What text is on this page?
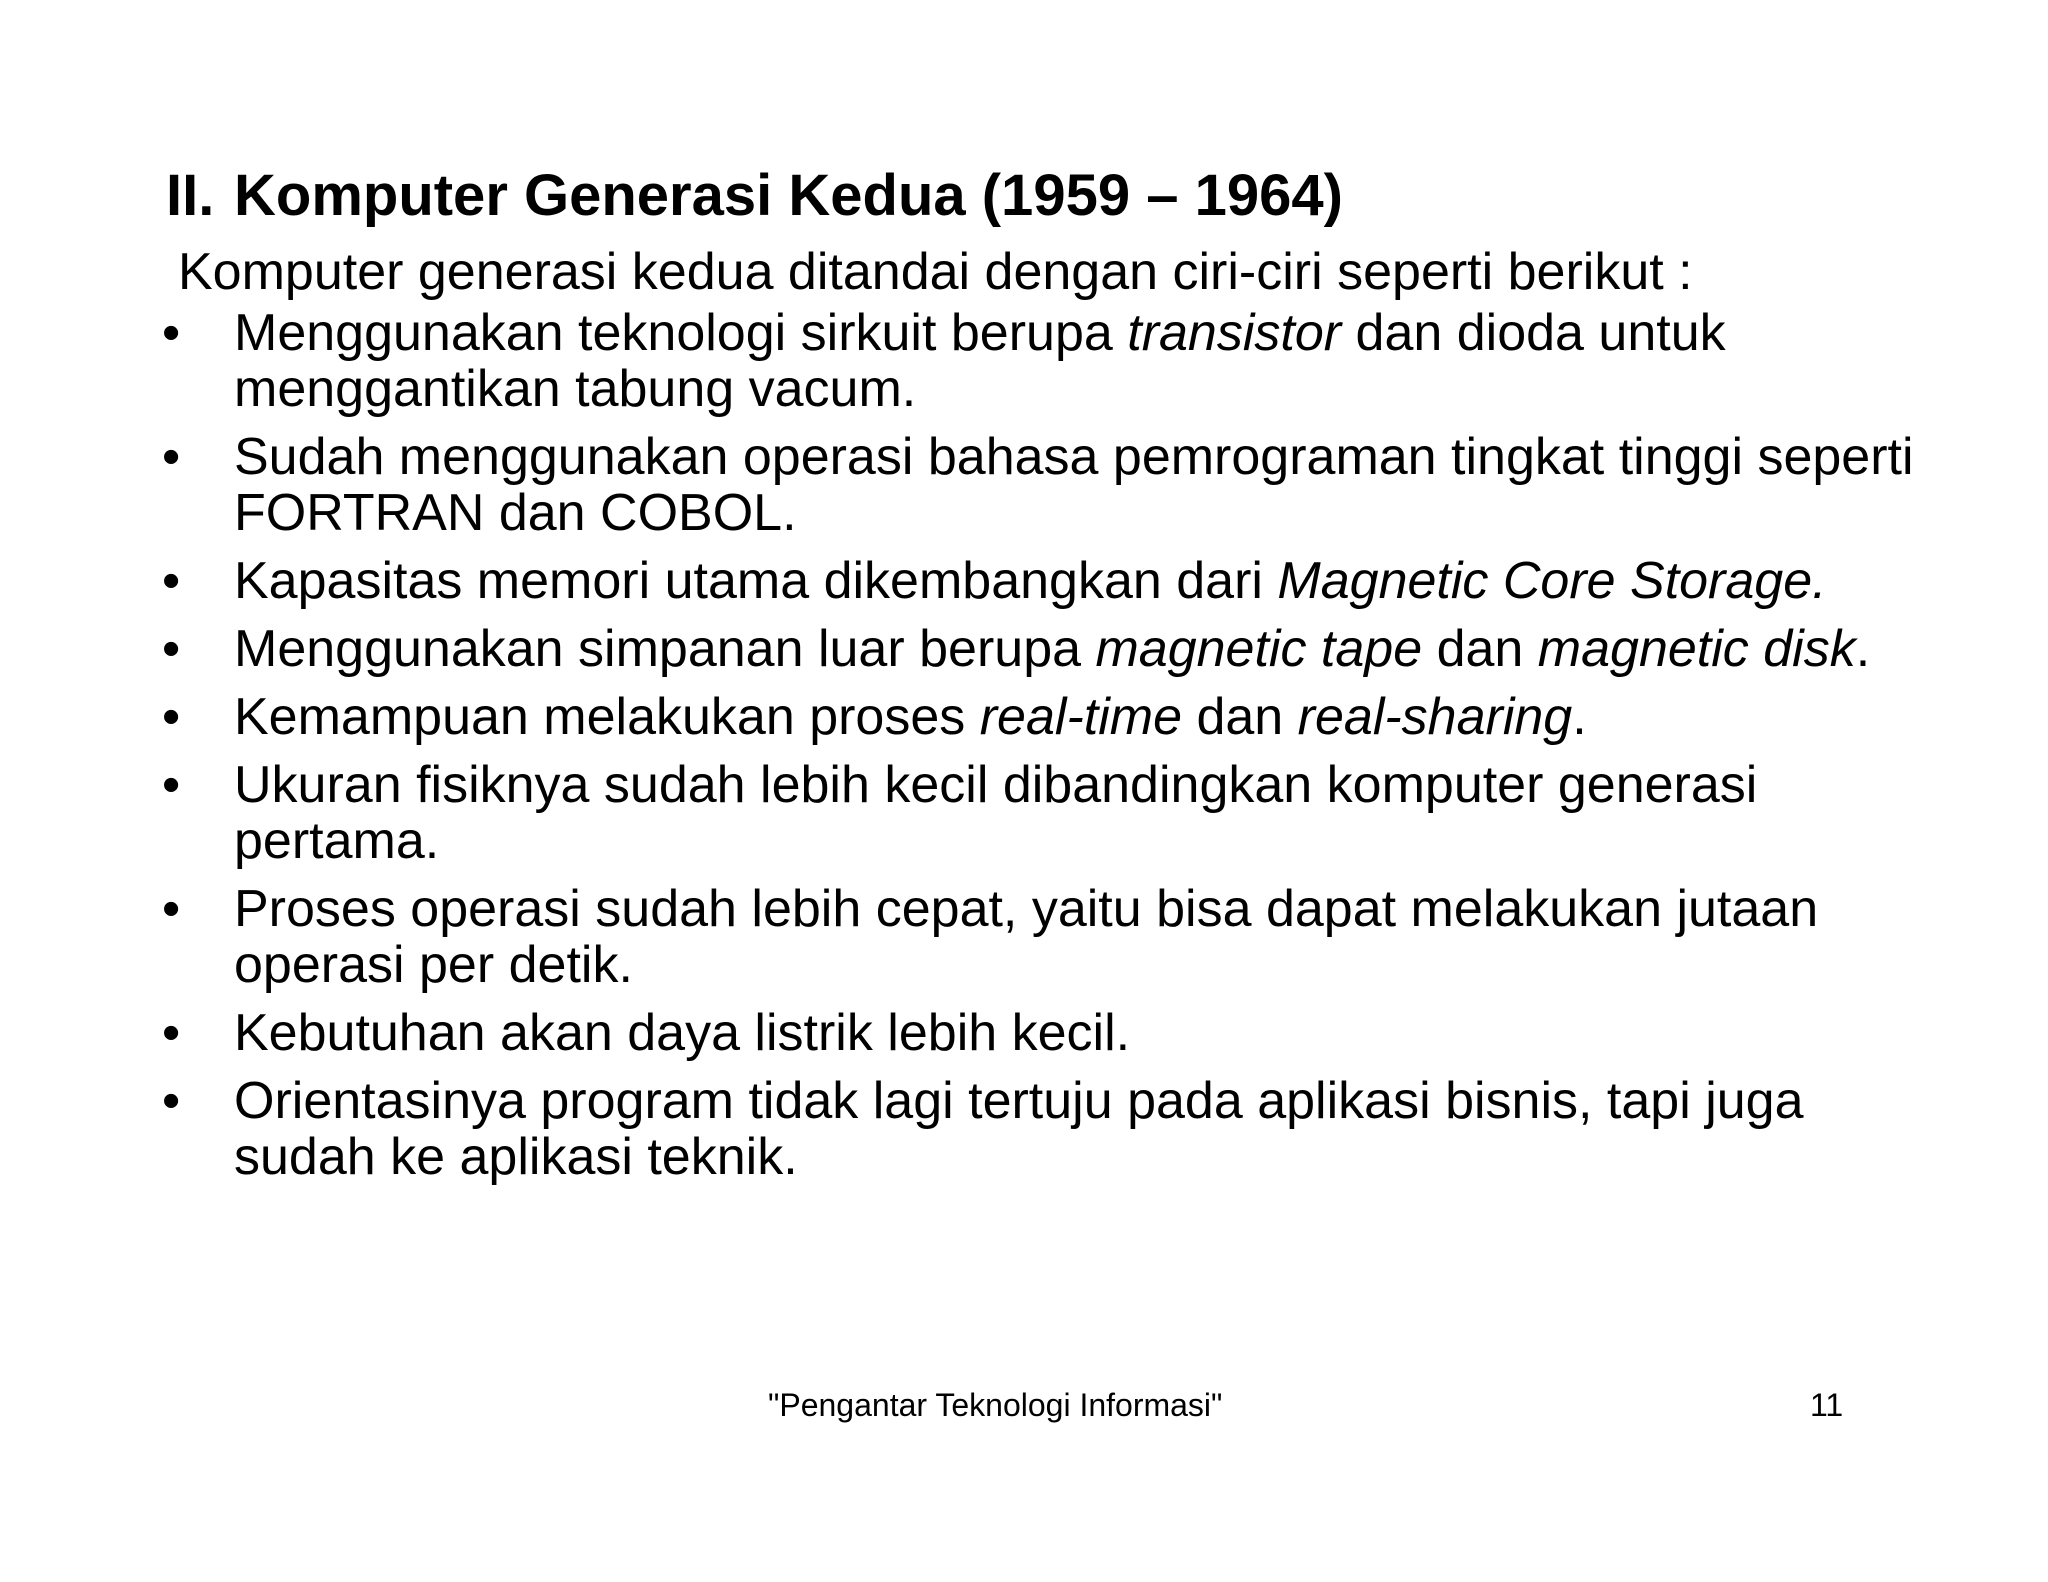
II. Komputer Generasi Kedua (1959 – 1964)
Komputer generasi kedua ditandai dengan ciri-ciri seperti berikut :
•	Menggunakan teknologi sirkuit berupa transistor dan dioda untuk menggantikan tabung vacum.
•	Sudah menggunakan operasi bahasa pemrograman tingkat tinggi seperti FORTRAN dan COBOL.
•	Kapasitas memori utama dikembangkan dari Magnetic Core Storage.
•	Menggunakan simpanan luar berupa magnetic tape dan magnetic disk.
•	Kemampuan melakukan proses real-time dan real-sharing.
•	Ukuran fisiknya sudah lebih kecil dibandingkan komputer generasi pertama.
•	Proses operasi sudah lebih cepat, yaitu bisa dapat melakukan jutaan operasi per detik.
•	Kebutuhan akan daya listrik lebih kecil.
•	Orientasinya program tidak lagi tertuju pada aplikasi bisnis, tapi juga sudah ke aplikasi teknik.
"Pengantar Teknologi Informasi"	11
